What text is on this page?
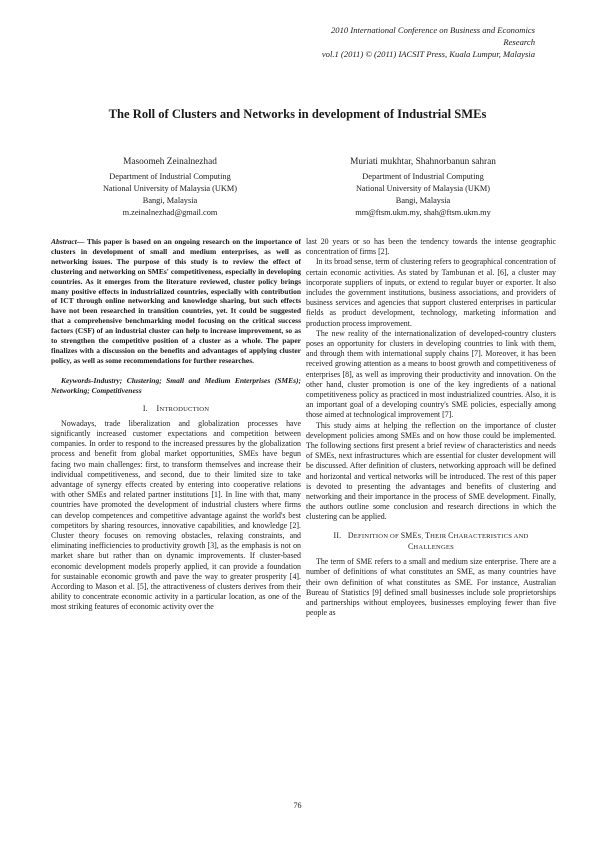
2010 International Conference on Business and Economics
Research
vol.1 (2011) © (2011) IACSIT Press, Kuala Lumpur, Malaysia
The Roll of Clusters and Networks in development of Industrial SMEs
Masoomeh Zeinalnezhad
Department of Industrial Computing
National University of Malaysia (UKM)
Bangi, Malaysia
m.zeinalnezhad@gmail.com
Muriati mukhtar, Shahnorbanun sahran
Department of Industrial Computing
National University of Malaysia (UKM)
Bangi, Malaysia
mm@ftsm.ukm.my, shah@ftsm.ukm.my

Abstract— This paper is based on an ongoing research on the importance of clusters in development of small and medium enterprises, as well as networking issues. The purpose of this study is to review the effect of clustering and networking on SMEs' competitiveness, especially in developing countries. As it emerges from the literature reviewed, cluster policy brings many positive effects in industrialized countries, especially with contribution of ICT through online networking and knowledge sharing, but such effects have not been researched in transition countries, yet. It could be suggested that a comprehensive benchmarking model focusing on the critical success factors (CSF) of an industrial cluster can help to increase improvement, so as to strengthen the competitive position of a cluster as a whole. The paper finalizes with a discussion on the benefits and advantages of applying cluster policy, as well as some recommendations for further researches.

Keywords-Industry; Clustering; Small and Medium Enterprises (SMEs); Networking; Competitiveness

I. INTRODUCTION

Nowadays, trade liberalization and globalization processes have significantly increased customer expectations and competition between companies. In order to respond to the increased pressures by the globalization process and benefit from global market opportunities, SMEs have begun facing two main challenges: first, to transform themselves and increase their individual competitiveness, and second, due to their limited size to take advantage of synergy effects created by entering into cooperative relations with other SMEs and related partner institutions [1]. In line with that, many countries have promoted the development of industrial clusters where firms can develop competences and competitive advantage against the world's best competitors by sharing resources, innovative capabilities, and knowledge [2]. Cluster theory focuses on removing obstacles, relaxing constraints, and eliminating inefficiencies to productivity growth [3], as the emphasis is not on market share but rather than on dynamic improvements. If cluster-based economic development models properly applied, it can provide a foundation for sustainable economic growth and pave the way to greater prosperity [4]. According to Mason et al. [5], the attractiveness of clusters derives from their ability to concentrate economic activity in a particular location, as one of the most striking features of economic activity over the

last 20 years or so has been the tendency towards the intense geographic concentration of firms [2].

In its broad sense, term of clustering refers to geographical concentration of certain economic activities. As stated by Tambunan et al. [6], a cluster may incorporate suppliers of inputs, or extend to regular buyer or exporter. It also includes the government institutions, business associations, and providers of business services and agencies that support clustered enterprises in particular fields as product development, technology, marketing information and production process improvement.

The new reality of the internationalization of developed-country clusters poses an opportunity for clusters in developing countries to link with them, and through them with international supply chains [7]. Moreover, it has been received growing attention as a means to boost growth and competitiveness of enterprises [8], as well as improving their productivity and innovation. On the other hand, cluster promotion is one of the key ingredients of a national competitiveness policy as practiced in most industrialized countries. Also, it is an important goal of a developing country's SME policies, especially among those aimed at technological improvement [7].

This study aims at helping the reflection on the importance of cluster development policies among SMEs and on how those could be implemented. The following sections first present a brief review of characteristics and needs of SMEs, next infrastructures which are essential for cluster development will be discussed. After definition of clusters, networking approach will be defined and horizontal and vertical networks will be introduced. The rest of this paper is devoted to presenting the advantages and benefits of clustering and networking and their importance in the process of SME development. Finally, the authors outline some conclusion and research directions in which the clustering can be applied.

II. DEFINITION OF SMES, THEIR CHARACTERISTICS AND
CHALLENGES

The term of SME refers to a small and medium size enterprise. There are a number of definitions of what constitutes an SME, as many countries have their own definition of what constitutes as SME. For instance, Australian Bureau of Statistics [9] defined small businesses include sole proprietorships and partnerships without employees, businesses employing fewer than five people as

76
